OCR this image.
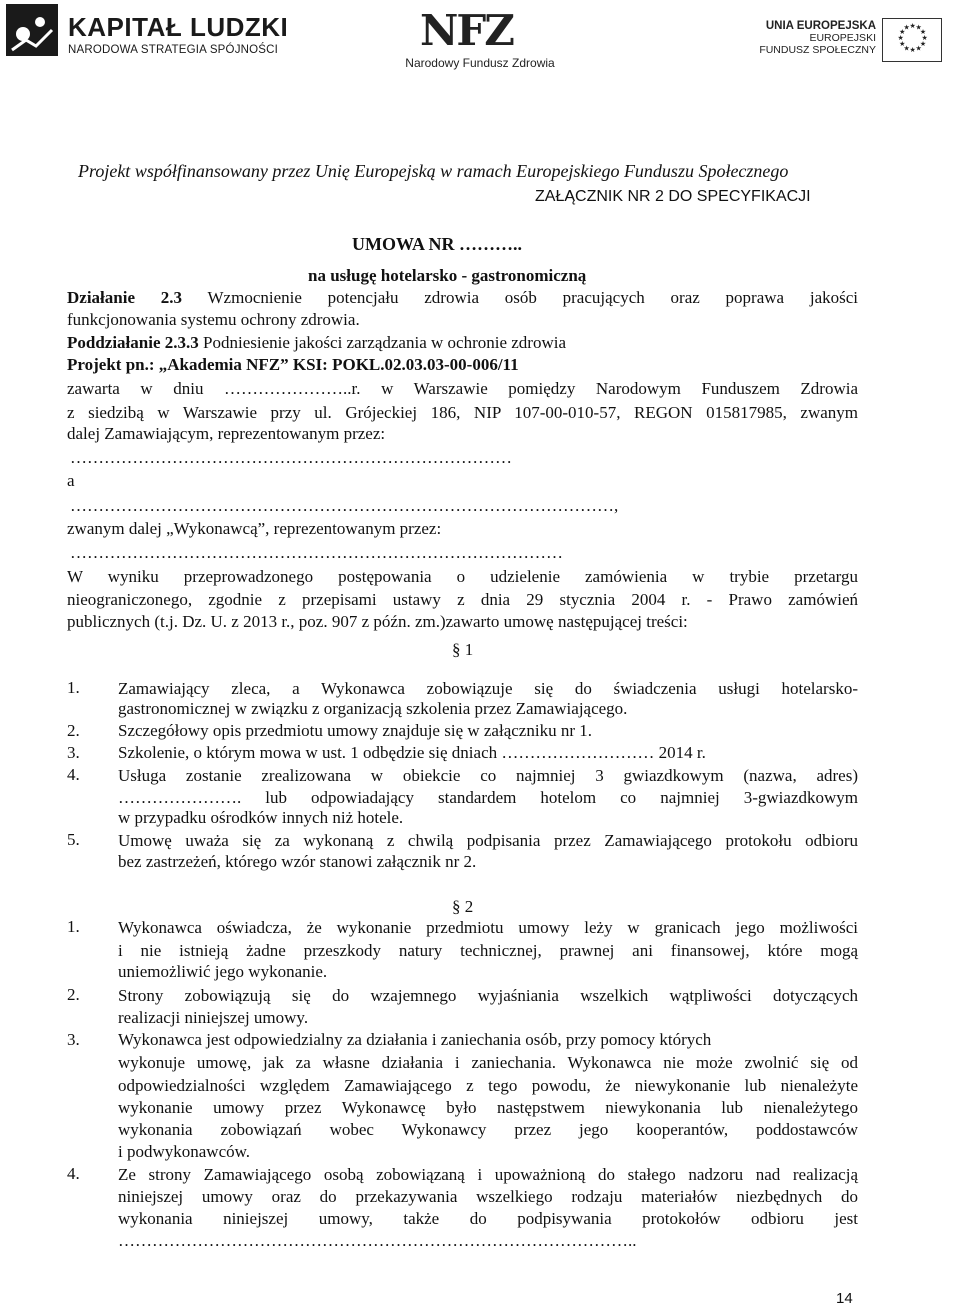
KAPITAŁ LUDZKI
NARODOWA STRATEGIA SPÓJNOŚCI	NFZ
Narodowy Fundusz Zdrowia
UNIA EUROPEJSKA
EUROPEJSKI
FUNDUSZ SPOŁECZNY
★ ★
★
★
★
★
★
★
★
★
★
★
Projekt współfinansowany przez Unię Europejską w ramach Europejskiego Funduszu Społecznego
ZAŁĄCZNIK NR 2 DO SPECYFIKACJI
UMOWA NR ………..
na usługę hotelarsko - gastronomiczną
Działanie 2.3 Wzmocnienie potencjału zdrowia osób pracujących oraz poprawa jakości
funkcjonowania systemu ochrony zdrowia.
Poddziałanie 2.3.3 Podniesienie jakości zarządzania w ochronie zdrowia
Projekt pn.: „Akademia NFZ” KSI: POKL.02.03.03-00-006/11
zawarta w dniu …………………..r. w Warszawie pomiędzy Narodowym Funduszem Zdrowia
z siedzibą w Warszawie przy ul. Grójeckiej 186, NIP 107-00-010-57, REGON 015817985, zwanym
dalej Zamawiającym, reprezentowanym przez:
……………………………………………………………………
a
……………………………………………………………………………………,
zwanym dalej „Wykonawcą”, reprezentowanym przez:
……………………………………………………………………………
W wyniku przeprowadzonego postępowania o udzielenie zamówienia w trybie przetargu
nieograniczonego, zgodnie z przepisami ustawy z dnia 29 stycznia 2004 r. - Prawo zamówień
publicznych (t.j. Dz. U. z 2013 r., poz. 907 z późn. zm.)zawarto umowę następującej treści:
§ 1
1. Zamawiający zleca, a Wykonawca zobowiązuje się do świadczenia usługi hotelarsko-
gastronomicznej w związku z organizacją szkolenia przez Zamawiającego.
2. Szczegółowy opis przedmiotu umowy znajduje się w załączniku nr 1.
3. Szkolenie, o którym mowa w ust. 1 odbędzie się dniach ……………………… 2014 r.
4. Usługa zostanie zrealizowana w obiekcie co najmniej 3 gwiazdkowym (nazwa, adres)
…………………. lub odpowiadający standardem hotelom co najmniej 3-gwiazdkowym
w przypadku ośrodków innych niż hotele.
5. Umowę uważa się za wykonaną z chwilą podpisania przez Zamawiającego protokołu odbioru
bez zastrzeżeń, którego wzór stanowi załącznik nr 2.
§ 2
1. Wykonawca oświadcza, że wykonanie przedmiotu umowy leży w granicach jego możliwości
i nie istnieją żadne przeszkody natury technicznej, prawnej ani finansowej, które mogą
uniemożliwić jego wykonanie.
2. Strony zobowiązują się do wzajemnego wyjaśniania wszelkich wątpliwości dotyczących
realizacji niniejszej umowy.
3. Wykonawca jest odpowiedzialny za działania i zaniechania osób, przy pomocy których
wykonuje umowę, jak za własne działania i zaniechania. Wykonawca nie może zwolnić się od
odpowiedzialności względem Zamawiającego z tego powodu, że niewykonanie lub nienależyte
wykonanie umowy przez Wykonawcę było następstwem niewykonania lub nienależytego
wykonania zobowiązań wobec Wykonawcy przez jego kooperantów, poddostawców
i podwykonawców.
4. Ze strony Zamawiającego osobą zobowiązaną i upoważnioną do stałego nadzoru nad realizacją
niniejszej umowy oraz do przekazywania wszelkiego rodzaju materiałów niezbędnych do
wykonania niniejszej umowy, także do podpisywania protokołów odbioru jest
………………………………………………………………………………..
14
